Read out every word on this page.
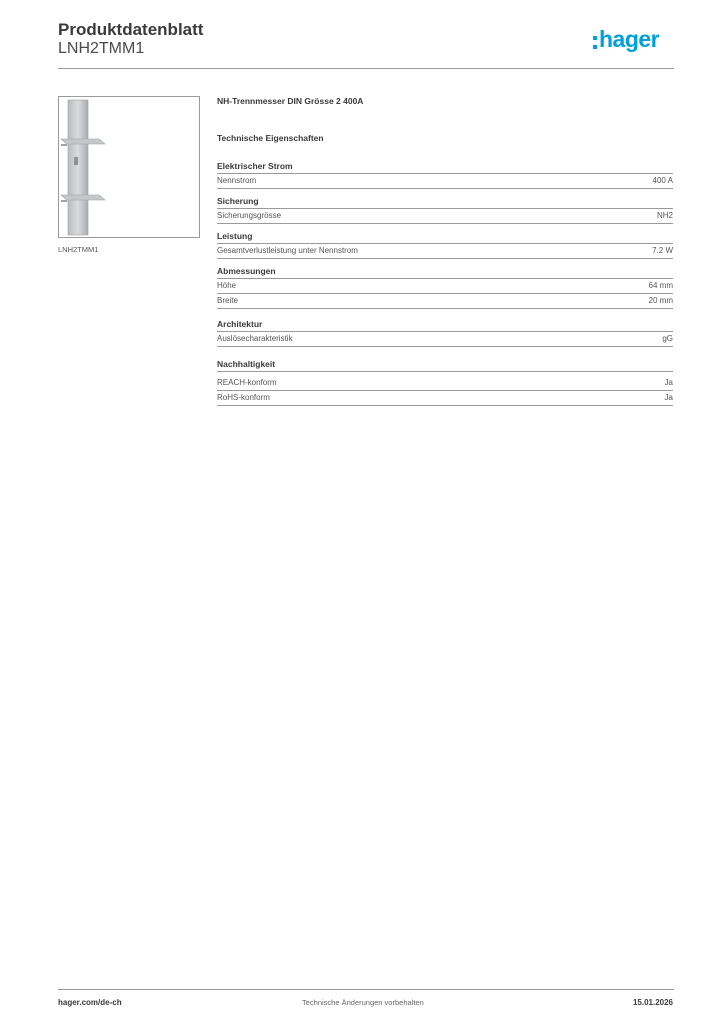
Produktdatenblatt
LNH2TMM1	hager
LNH2TMM1
NH-Trennmesser DIN Grösse 2 400A
Technische Eigenschaften
Elektrischer Strom
Nennstrom	400 A
Sicherung
Sicherungsgrösse	NH2
Leistung
Gesamtverlustleistung unter Nennstrom	7.2 W
Abmessungen
Höhe	64 mm
Breite	20 mm
Architektur
Auslösecharakteristik	gG
Nachhaltigkeit
REACH-konform	Ja
RoHS-konform	Ja
hager.com/de-ch	Technische Änderungen vorbehalten	15.01.2026
